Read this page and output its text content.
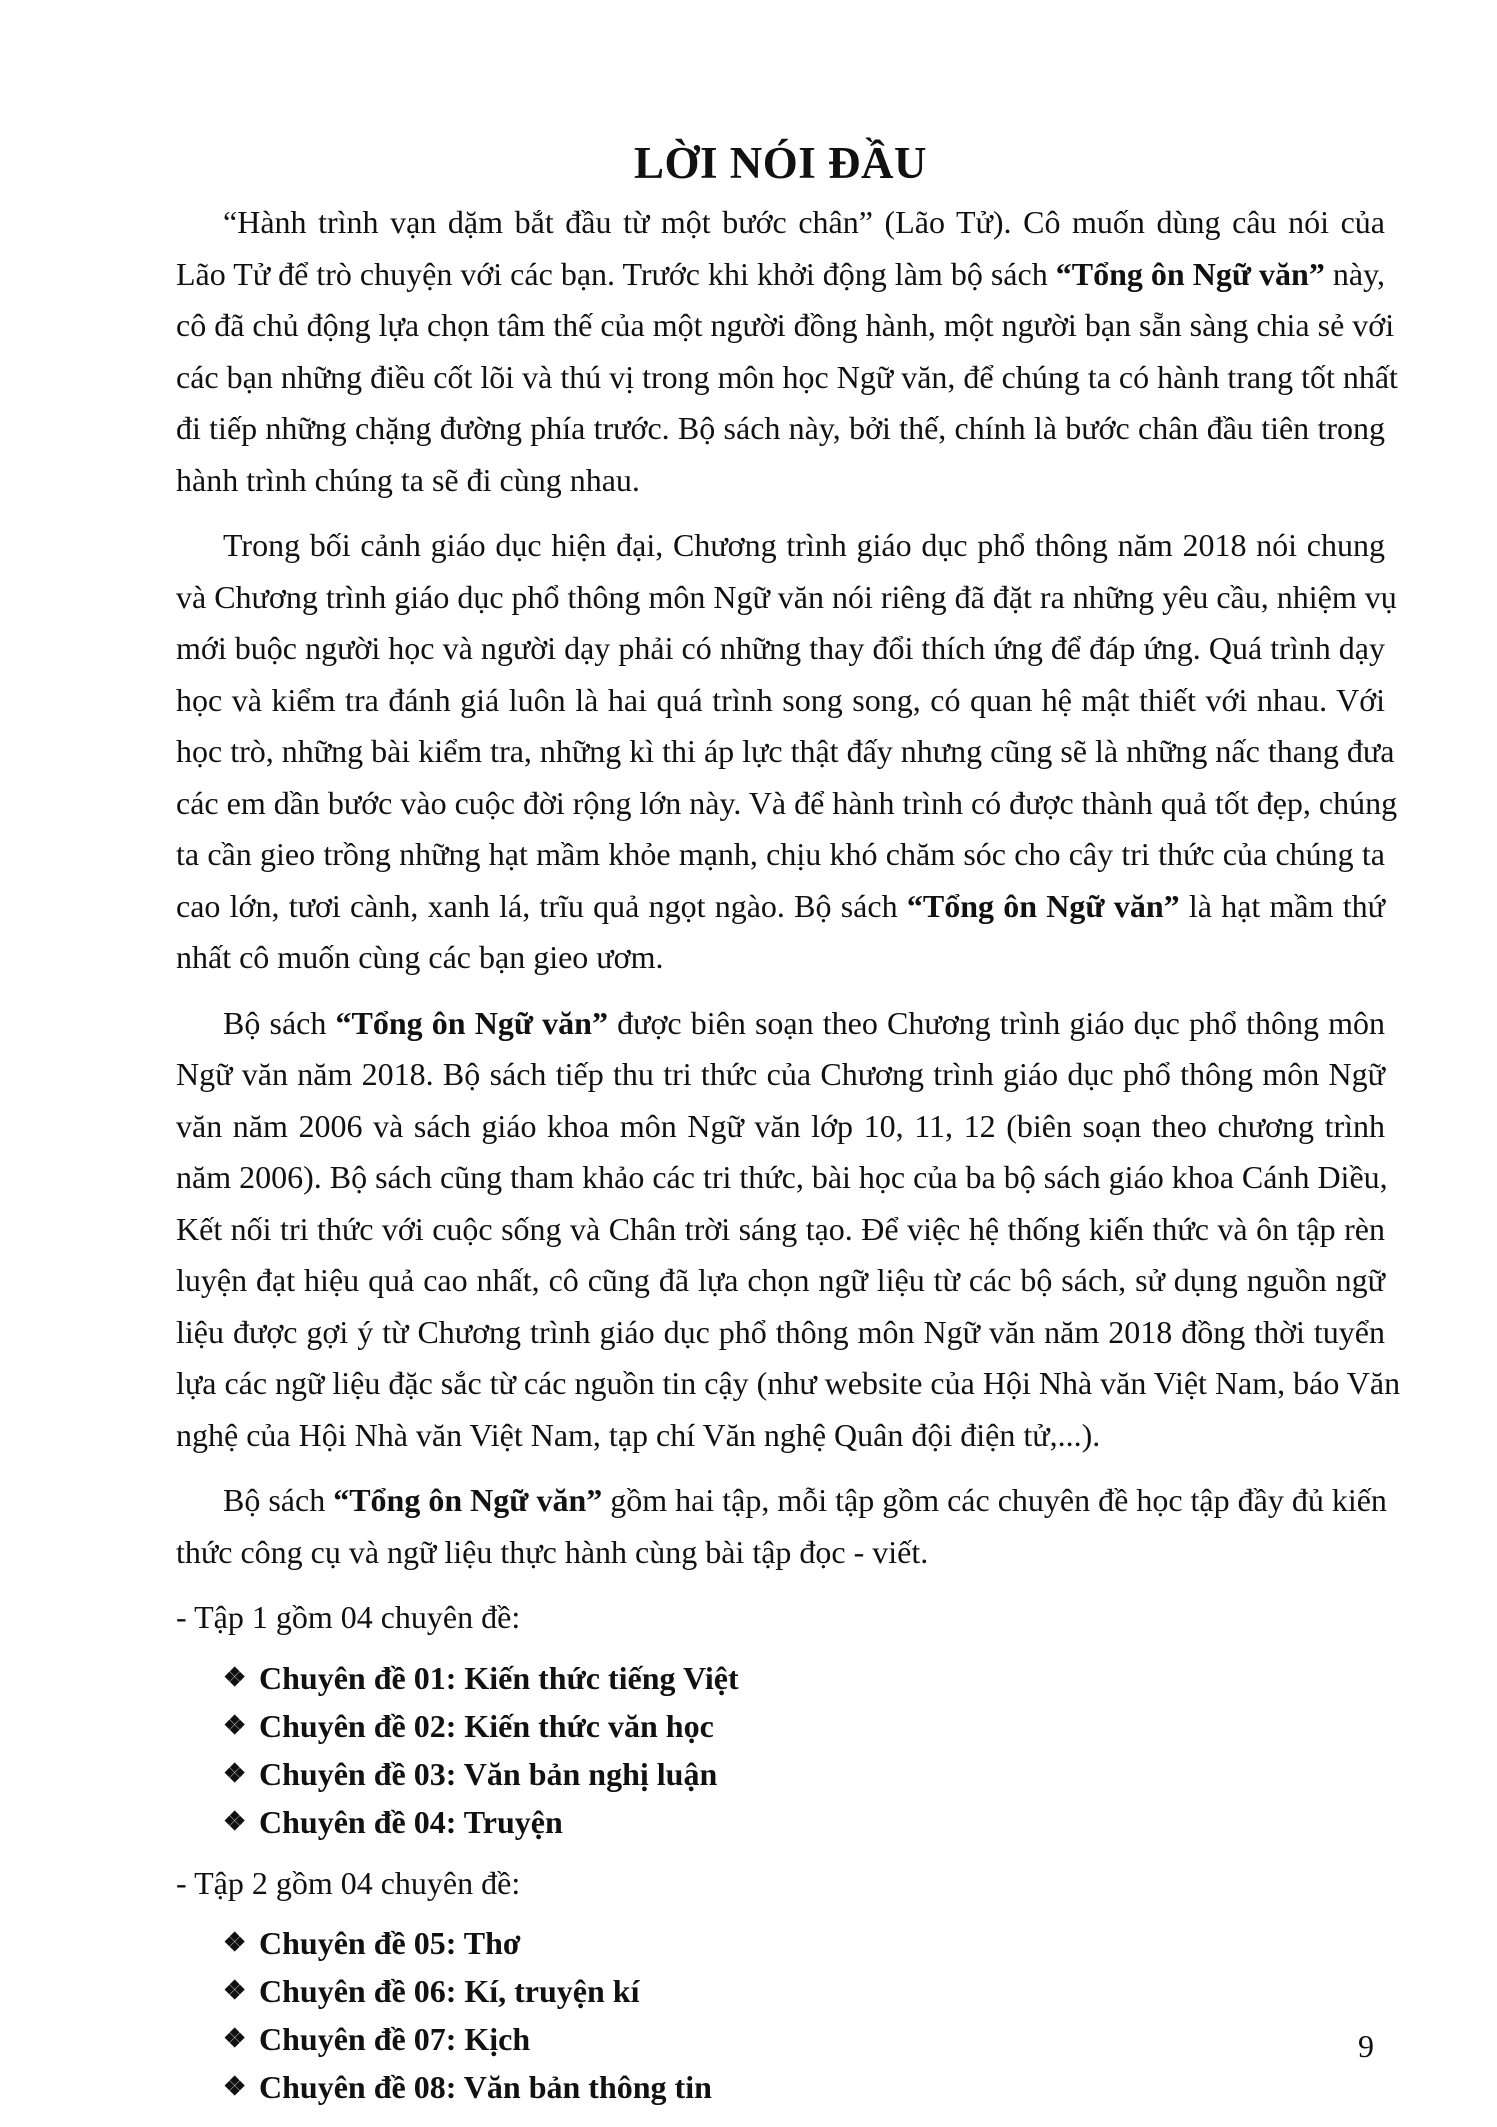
LỜI NÓI ĐẦU
“Hành trình vạn dặm bắt đầu từ một bước chân” (Lão Tử). Cô muốn dùng câu nói của
Lão Tử để trò chuyện với các bạn. Trước khi khởi động làm bộ sách “Tổng ôn Ngữ văn” này,
cô đã chủ động lựa chọn tâm thế của một người đồng hành, một người bạn sẵn sàng chia sẻ với
các bạn những điều cốt lõi và thú vị trong môn học Ngữ văn, để chúng ta có hành trang tốt nhất
đi tiếp những chặng đường phía trước. Bộ sách này, bởi thế, chính là bước chân đầu tiên trong
hành trình chúng ta sẽ đi cùng nhau.
Trong bối cảnh giáo dục hiện đại, Chương trình giáo dục phổ thông năm 2018 nói chung
và Chương trình giáo dục phổ thông môn Ngữ văn nói riêng đã đặt ra những yêu cầu, nhiệm vụ
mới buộc người học và người dạy phải có những thay đổi thích ứng để đáp ứng. Quá trình dạy
học và kiểm tra đánh giá luôn là hai quá trình song song, có quan hệ mật thiết với nhau. Với
học trò, những bài kiểm tra, những kì thi áp lực thật đấy nhưng cũng sẽ là những nấc thang đưa
các em dần bước vào cuộc đời rộng lớn này. Và để hành trình có được thành quả tốt đẹp, chúng
ta cần gieo trồng những hạt mầm khỏe mạnh, chịu khó chăm sóc cho cây tri thức của chúng ta
cao lớn, tươi cành, xanh lá, trĩu quả ngọt ngào. Bộ sách “Tổng ôn Ngữ văn” là hạt mầm thứ
nhất cô muốn cùng các bạn gieo ươm.
Bộ sách “Tổng ôn Ngữ văn” được biên soạn theo Chương trình giáo dục phổ thông môn
Ngữ văn năm 2018. Bộ sách tiếp thu tri thức của Chương trình giáo dục phổ thông môn Ngữ
văn năm 2006 và sách giáo khoa môn Ngữ văn lớp 10, 11, 12 (biên soạn theo chương trình
năm 2006). Bộ sách cũng tham khảo các tri thức, bài học của ba bộ sách giáo khoa Cánh Diều,
Kết nối tri thức với cuộc sống và Chân trời sáng tạo. Để việc hệ thống kiến thức và ôn tập rèn
luyện đạt hiệu quả cao nhất, cô cũng đã lựa chọn ngữ liệu từ các bộ sách, sử dụng nguồn ngữ
liệu được gợi ý từ Chương trình giáo dục phổ thông môn Ngữ văn năm 2018 đồng thời tuyển
lựa các ngữ liệu đặc sắc từ các nguồn tin cậy (như website của Hội Nhà văn Việt Nam, báo Văn
nghệ của Hội Nhà văn Việt Nam, tạp chí Văn nghệ Quân đội điện tử,...).
Bộ sách “Tổng ôn Ngữ văn” gồm hai tập, mỗi tập gồm các chuyên đề học tập đầy đủ kiến
thức công cụ và ngữ liệu thực hành cùng bài tập đọc - viết.
- Tập 1 gồm 04 chuyên đề:
❖ Chuyên đề 01: Kiến thức tiếng Việt
❖ Chuyên đề 02: Kiến thức văn học
❖ Chuyên đề 03: Văn bản nghị luận
❖ Chuyên đề 04: Truyện
- Tập 2 gồm 04 chuyên đề:
❖ Chuyên đề 05: Thơ
❖ Chuyên đề 06: Kí, truyện kí
❖ Chuyên đề 07: Kịch
❖ Chuyên đề 08: Văn bản thông tin
9
